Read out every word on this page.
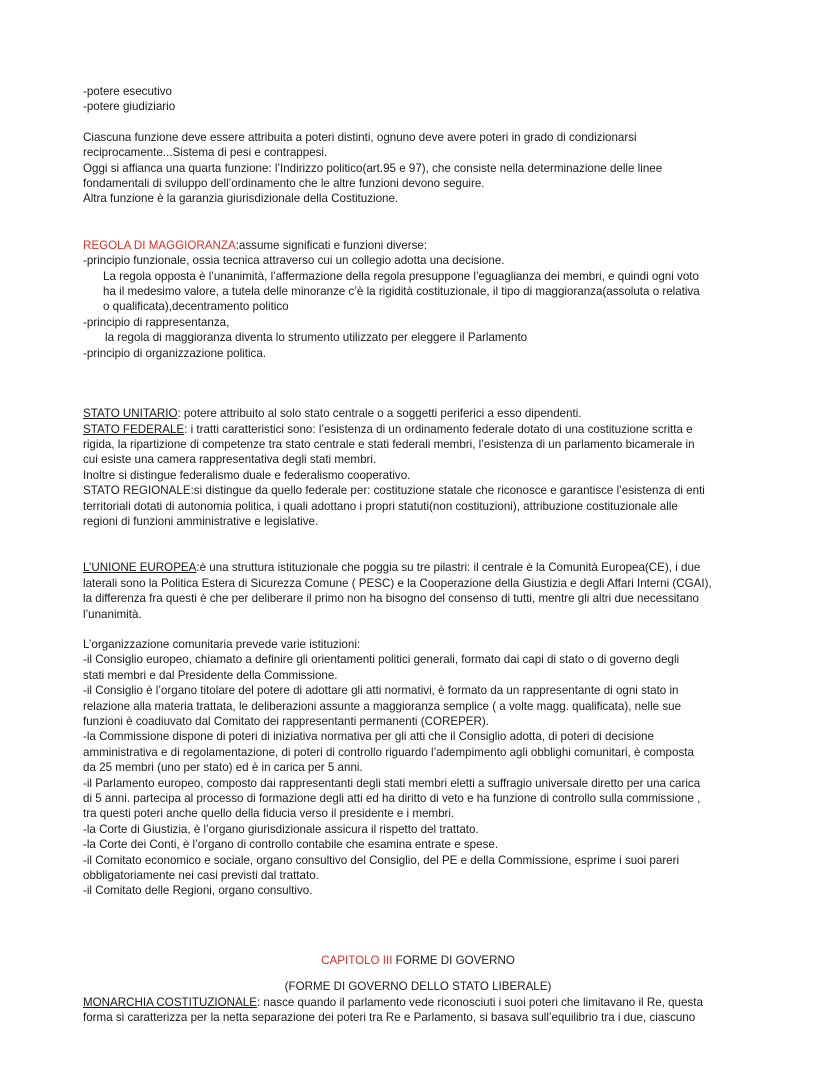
-potere esecutivo

-potere giudiziario

Ciascuna funzione deve essere attribuita a poteri distinti, ognuno deve avere poteri in grado di condizionarsi

reciprocamente...Sistema di pesi e contrappesi.

Oggi si affianca una quarta funzione: l’Indirizzo politico(art.95 e 97), che consiste nella determinazione delle linee

fondamentali di sviluppo dell’ordinamento che le altre funzioni devono seguire.

Altra funzione è la garanzia giurisdizionale della Costituzione.

REGOLA DI MAGGIORANZA:assume significati e funzioni diverse:

-principio funzionale, ossia tecnica attraverso cui un collegio adotta una decisione.

La regola opposta è l’unanimità, l’affermazione della regola presuppone l’eguaglianza dei membri, e quindi ogni voto

ha il medesimo valore, a tutela delle minoranze c’è la rigidità costituzionale, il tipo di maggioranza(assoluta o relativa

o qualificata),decentramento politico

-principio di rappresentanza,

la regola di maggioranza diventa lo strumento utilizzato per eleggere il Parlamento

-principio di organizzazione politica.

STATO UNITARIO: potere attribuito al solo stato centrale o a soggetti periferici a esso dipendenti.

STATO FEDERALE: i tratti caratteristici sono: l’esistenza di un ordinamento federale dotato di una costituzione scritta e

rigida, la ripartizione di competenze tra stato centrale e stati federali membri, l’esistenza di un parlamento bicamerale in

cui esiste una camera rappresentativa degli stati membri.

Inoltre si distingue federalismo duale e federalismo cooperativo.

STATO REGIONALE:si distingue da quello federale per: costituzione statale che riconosce e garantisce l’esistenza di enti

territoriali dotati di autonomia politica, i quali adottano i propri statuti(non costituzioni), attribuzione costituzionale alle

regioni di funzioni amministrative e legislative.

L’UNIONE EUROPEA:è una struttura istituzionale che poggia su tre pilastri: il centrale è la Comunità Europea(CE), i due

laterali sono la Politica Estera di Sicurezza Comune ( PESC) e la Cooperazione della Giustizia e degli Affari Interni (CGAI),

la differenza fra questi è che per deliberare il primo non ha bisogno del consenso di tutti, mentre gli altri due necessitano

l’unanimità.

L’organizzazione comunitaria prevede varie istituzioni:

-il Consiglio europeo, chiamato a definire gli orientamenti politici generali, formato dai capi di stato o di governo degli

stati membri e dal Presidente della Commissione.

-il Consiglio è l’organo titolare del potere di adottare gli atti normativi, è formato da un rappresentante di ogni stato in

relazione alla materia trattata, le deliberazioni assunte a maggioranza semplice ( a volte magg. qualificata), nelle sue

funzioni è coadiuvato dal Comitato dei rappresentanti permanenti (COREPER).

-la Commissione dispone di poteri di iniziativa normativa per gli atti che il Consiglio adotta, di poteri di decisione

amministrativa e di regolamentazione, di poteri di controllo riguardo l’adempimento agli obblighi comunitari, è composta

da 25 membri (uno per stato) ed è in carica per 5 anni.

-il Parlamento europeo, composto dai rappresentanti degli stati membri eletti a suffragio universale diretto per una carica

di 5 anni. partecipa al processo di formazione degli atti ed ha diritto di veto e ha funzione di controllo sulla commissione ,

tra questi poteri anche quello della fiducia verso il presidente e i membri.

-la Corte di Giustizia, è l’organo giurisdizionale assicura il rispetto del trattato.

-la Corte dei Conti, è l’organo di controllo contabile che esamina entrate e spese.

-il Comitato economico e sociale, organo consultivo del Consiglio, del PE e della Commissione, esprime i suoi pareri

obbligatoriamente nei casi previsti dal trattato.

-il Comitato delle Regioni, organo consultivo.

CAPITOLO III FORME DI GOVERNO

(FORME DI GOVERNO DELLO STATO LIBERALE)

MONARCHIA COSTITUZIONALE: nasce quando il parlamento vede riconosciuti i suoi poteri che limitavano il Re, questa

forma si caratterizza per la netta separazione dei poteri tra Re e Parlamento, si basava sull’equilibrio tra i due, ciascuno
